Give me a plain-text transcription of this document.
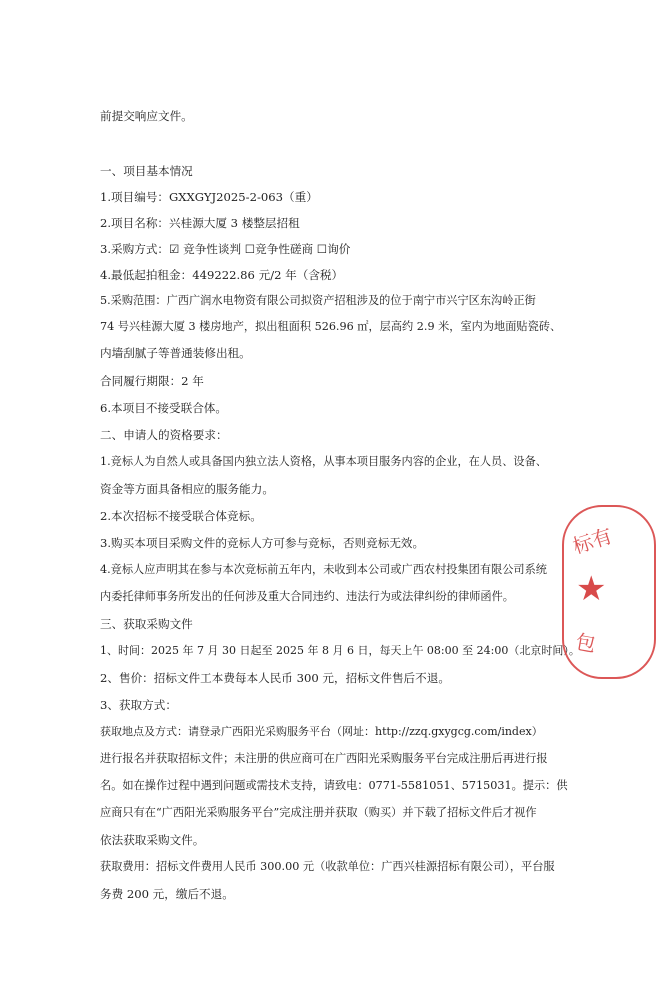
前提交响应文件。
一、项目基本情况
1.项目编号：GXXGYJ2025-2-063（重）
2.项目名称：兴桂源大厦 3 楼整层招租
3.采购方式：☑ 竞争性谈判 ☐竞争性磋商 ☐询价
4.最低起拍租金：449222.86 元/2 年（含税）
5.采购范围：广西广润水电物资有限公司拟资产招租涉及的位于南宁市兴宁区东沟岭正街
74 号兴桂源大厦 3 楼房地产，拟出租面积 526.96 ㎡，层高约 2.9 米，室内为地面贴瓷砖、
内墙刮腻子等普通装修出租。
合同履行期限：2 年
6.本项目不接受联合体。
二、申请人的资格要求：
1.竞标人为自然人或具备国内独立法人资格，从事本项目服务内容的企业，在人员、设备、
资金等方面具备相应的服务能力。
2.本次招标不接受联合体竞标。
3.购买本项目采购文件的竞标人方可参与竞标，否则竞标无效。
4.竞标人应声明其在参与本次竞标前五年内，未收到本公司或广西农村投集团有限公司系统
内委托律师事务所发出的任何涉及重大合同违约、违法行为或法律纠纷的律师函件。
三、获取采购文件
1、时间：2025 年 7 月 30 日起至 2025 年 8 月 6 日，每天上午 08:00 至 24:00（北京时间）。
2、售价：招标文件工本费每本人民币 300 元，招标文件售后不退。
3、获取方式：
获取地点及方式：请登录广西阳光采购服务平台（网址：http://zzq.gxygcg.com/index）
进行报名并获取招标文件；未注册的供应商可在广西阳光采购服务平台完成注册后再进行报
名。如在操作过程中遇到问题或需技术支持，请致电：0771-5581051、5715031。提示：供
应商只有在“广西阳光采购服务平台”完成注册并获取（购买）并下载了招标文件后才视作
依法获取采购文件。
获取费用：招标文件费用人民币 300.00 元（收款单位：广西兴桂源招标有限公司），平台服
务费 200 元，缴后不退。
标有
★
包
